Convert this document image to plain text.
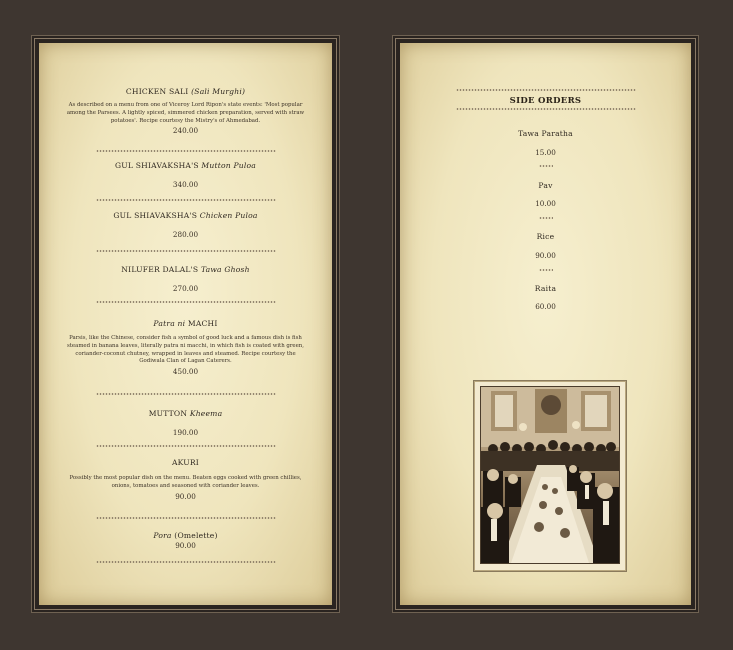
CHICKEN SALI (Sali Murghi)
As described on a menu from one of Viceroy Lord Ripon's state events: 'Most popular among the Parsees. A lightly spiced, simmered chicken preparation, served with straw potatoes'. Recipe courtesy the Mistry's of Ahmedabad.
240.00
GUL SHIAVAKSHA'S Mutton Puloa
340.00
GUL SHIAVAKSHA'S Chicken Puloa
280.00
NILUFER DALAL'S Tawa Ghosh
270.00
Patra ni MACHI
Parsis, like the Chinese, consider fish a symbol of good luck and a famous dish is fish steamed in banana leaves, literally patra ni macchi, in which fish is coated with green, coriander-coconut chutney, wrapped in leaves and steamed. Recipe courtesy the Godiwala Clan of Lagan Caterers.
450.00
MUTTON Kheema
190.00
AKURI
Possibly the most popular dish on the menu. Beaten eggs cooked with green chillies, onions, tomatoes and seasoned with coriander leaves.
90.00
Pora (Omelette)
90.00
SIDE ORDERS
Tawa Paratha
15.00
Pav
10.00
Rice
90.00
Raita
60.00
